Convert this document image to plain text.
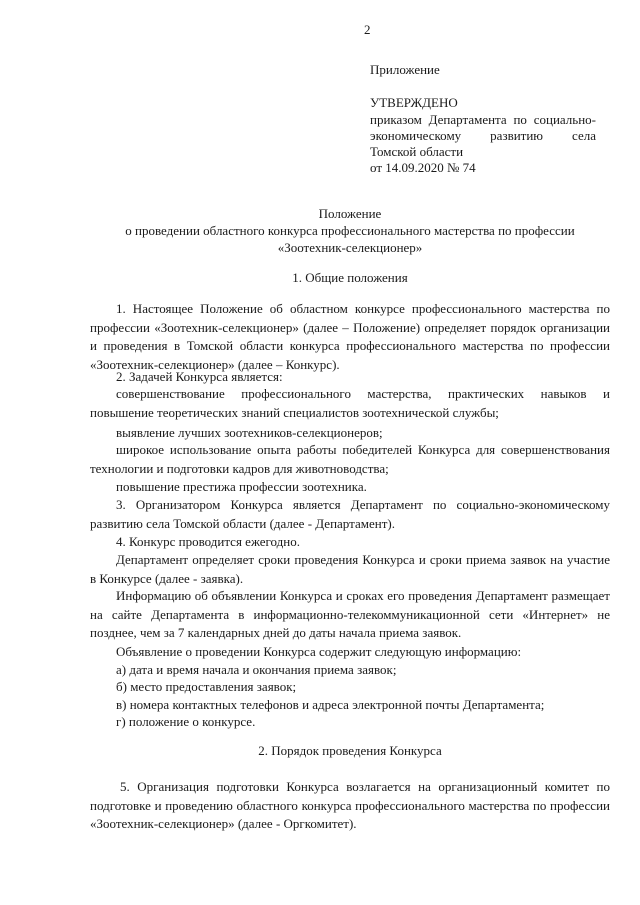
2
Приложение
УТВЕРЖДЕНО
приказом Департамента по социально-
экономическому развитию села
Томской области
от 14.09.2020 № 74
Положение
о проведении областного конкурса профессионального мастерства по профессии
«Зоотехник-селекционер»
1. Общие положения
1. Настоящее Положение об областном конкурсе профессионального мастерства по профессии «Зоотехник-селекционер» (далее – Положение) определяет порядок организации и проведения в Томской области конкурса профессионального мастерства по профессии «Зоотехник-селекционер» (далее – Конкурс).
2. Задачей Конкурса является:
совершенствование профессионального мастерства, практических навыков и повышение теоретических знаний специалистов зоотехнической службы;
выявление лучших зоотехников-селекционеров;
широкое использование опыта работы победителей Конкурса для совершенствования технологии и подготовки кадров для животноводства;
повышение престижа профессии зоотехника.
3. Организатором Конкурса является Департамент по социально-экономическому развитию села Томской области (далее - Департамент).
4. Конкурс проводится ежегодно.
Департамент определяет сроки проведения Конкурса и сроки приема заявок на участие в Конкурсе (далее - заявка).
Информацию об объявлении Конкурса и сроках его проведения Департамент размещает на сайте Департамента в информационно-телекоммуникационной сети «Интернет» не позднее, чем за 7 календарных дней до даты начала приема заявок.
Объявление о проведении Конкурса содержит следующую информацию:
а) дата и время начала и окончания приема заявок;
б) место предоставления заявок;
в) номера контактных телефонов и адреса электронной почты Департамента;
г) положение о конкурсе.
2. Порядок проведения Конкурса
5. Организация подготовки Конкурса возлагается на организационный комитет по подготовке и проведению областного конкурса профессионального мастерства по профессии «Зоотехник-селекционер» (далее - Оргкомитет).
